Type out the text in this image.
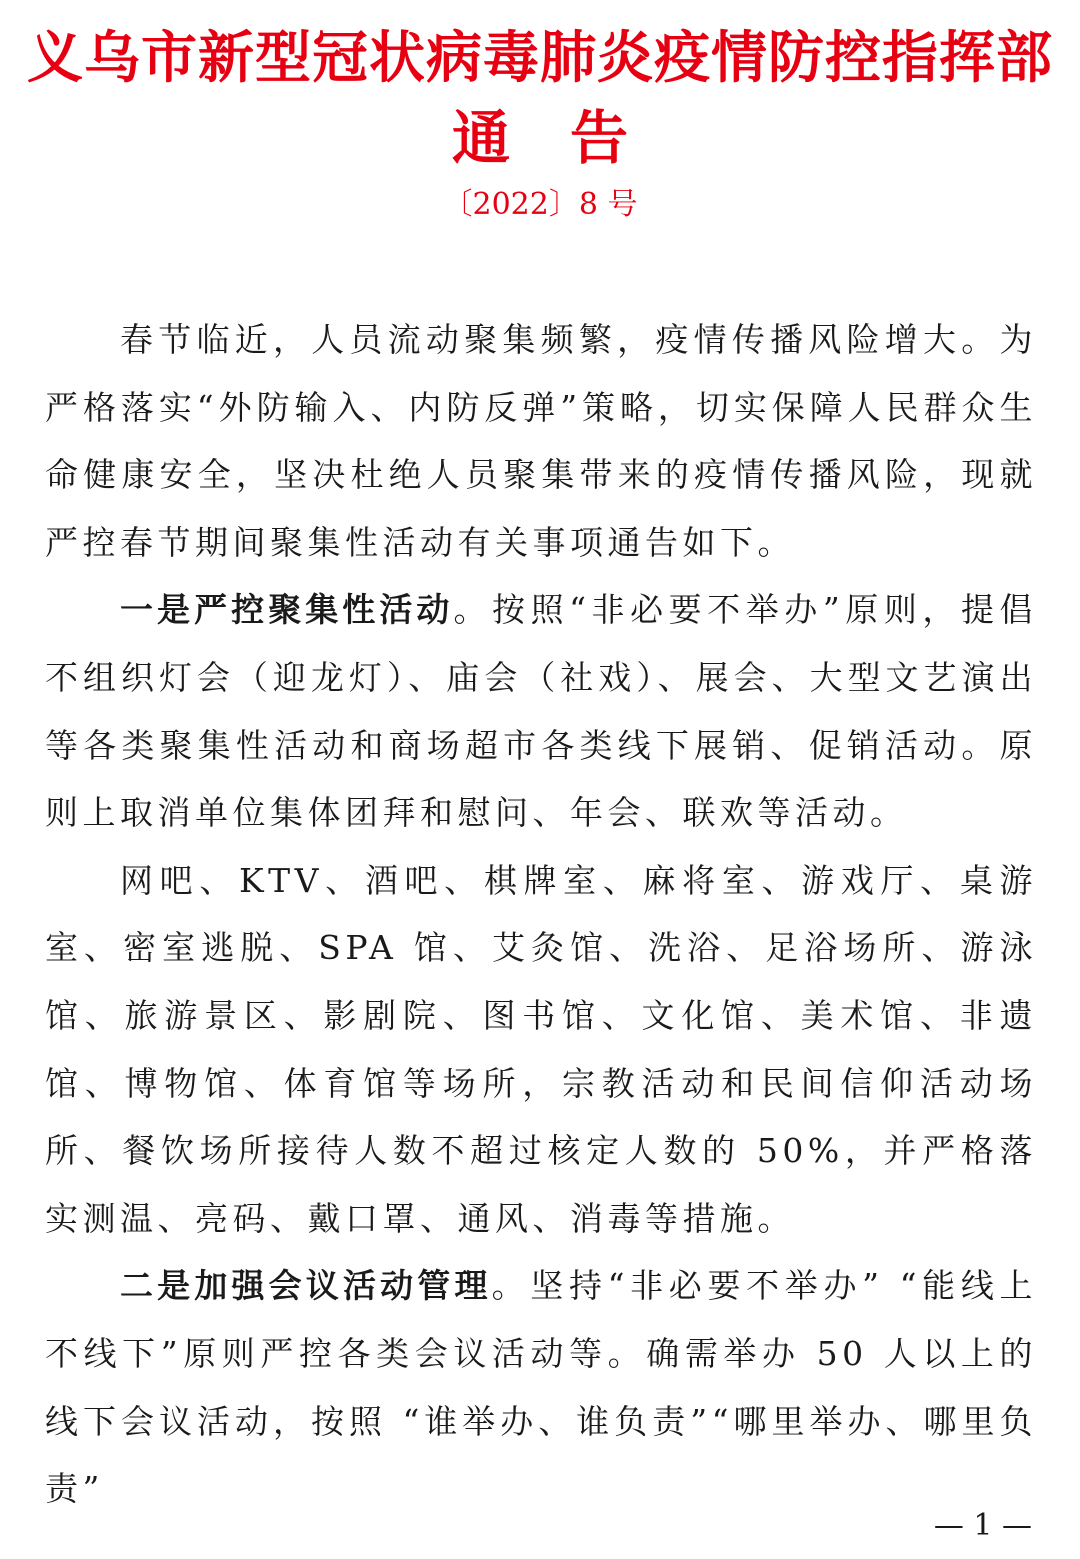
义乌市新型冠状病毒肺炎疫情防控指挥部
通告
〔2022〕8 号

春节临近，人员流动聚集频繁，疫情传播风险增大。为严格落实“外防输入、内防反弹”策略，切实保障人民群众生命健康安全，坚决杜绝人员聚集带来的疫情传播风险，现就严控春节期间聚集性活动有关事项通告如下。

一是严控聚集性活动。按照“非必要不举办”原则，提倡不组织灯会（迎龙灯）、庙会（社戏）、展会、大型文艺演出等各类聚集性活动和商场超市各类线下展销、促销活动。原则上取消单位集体团拜和慰问、年会、联欢等活动。

网吧、KTV、酒吧、棋牌室、麻将室、游戏厅、桌游室、密室逃脱、SPA 馆、艾灸馆、洗浴、足浴场所、游泳馆、旅游景区、影剧院、图书馆、文化馆、美术馆、非遗馆、博物馆、体育馆等场所，宗教活动和民间信仰活动场所、餐饮场所接待人数不超过核定人数的 50%，并严格落实测温、亮码、戴口罩、通风、消毒等措施。

二是加强会议活动管理。坚持“非必要不举办” “能线上不线下”原则严控各类会议活动等。确需举办 50 人以上的线下会议活动，按照 “谁举办、谁负责”“哪里举办、哪里负责”

— 1 —
